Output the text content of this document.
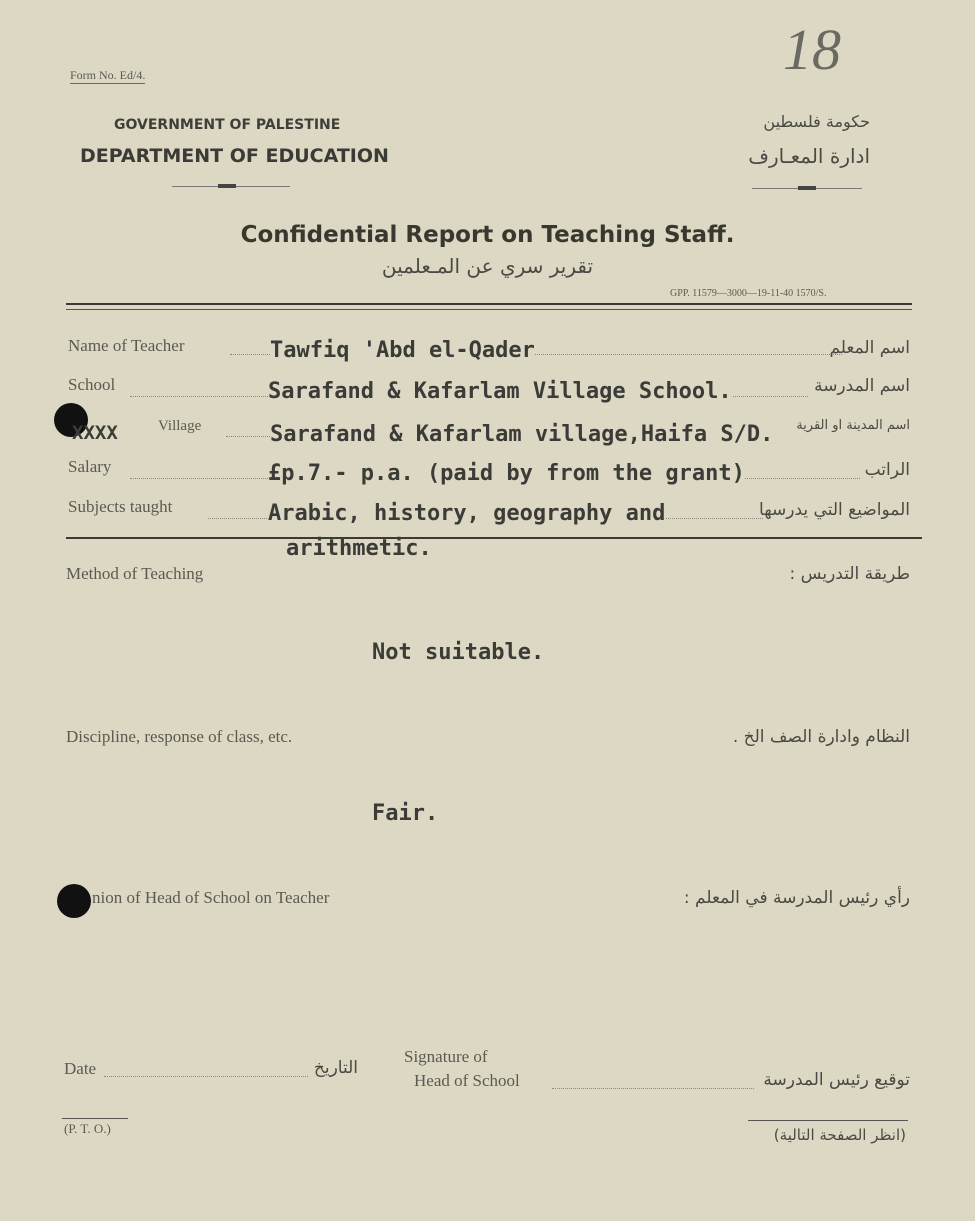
18
Form No. Ed/4.
GOVERNMENT OF PALESTINE
DEPARTMENT OF EDUCATION
حكومة فلسطين
ادارة المعـارف
Confidential Report on Teaching Staff.
تقرير سري عن المـعلمين
GPP. 11579—3000—19-11-40 1570/S.
Name of Teacher	Tawfiq 'Abd el-Qader	اسم المعلم
School	Sarafand & Kafarlam Village School.	اسم المدرسة
XXXX	Village	Sarafand & Kafarlam village,Haifa S/D.	اسم المدينة او القرية
Salary	£p.7.- p.a. (paid by from the grant)	الراتب
Subjects taught	Arabic, history, geography and	المواضيع التي يدرسها
arithmetic.
Method of Teaching	طريقة التدريس :
Not suitable.
Discipline, response of class, etc.	النظام وادارة الصف الخ .
Fair.
nion of Head of School on Teacher	رأي رئيس المدرسة في المعلم :
Date	التاريخ
Signature of
Head of School	توقيع رئيس المدرسة
(P. T. O.)	(انظر الصفحة التالية)
